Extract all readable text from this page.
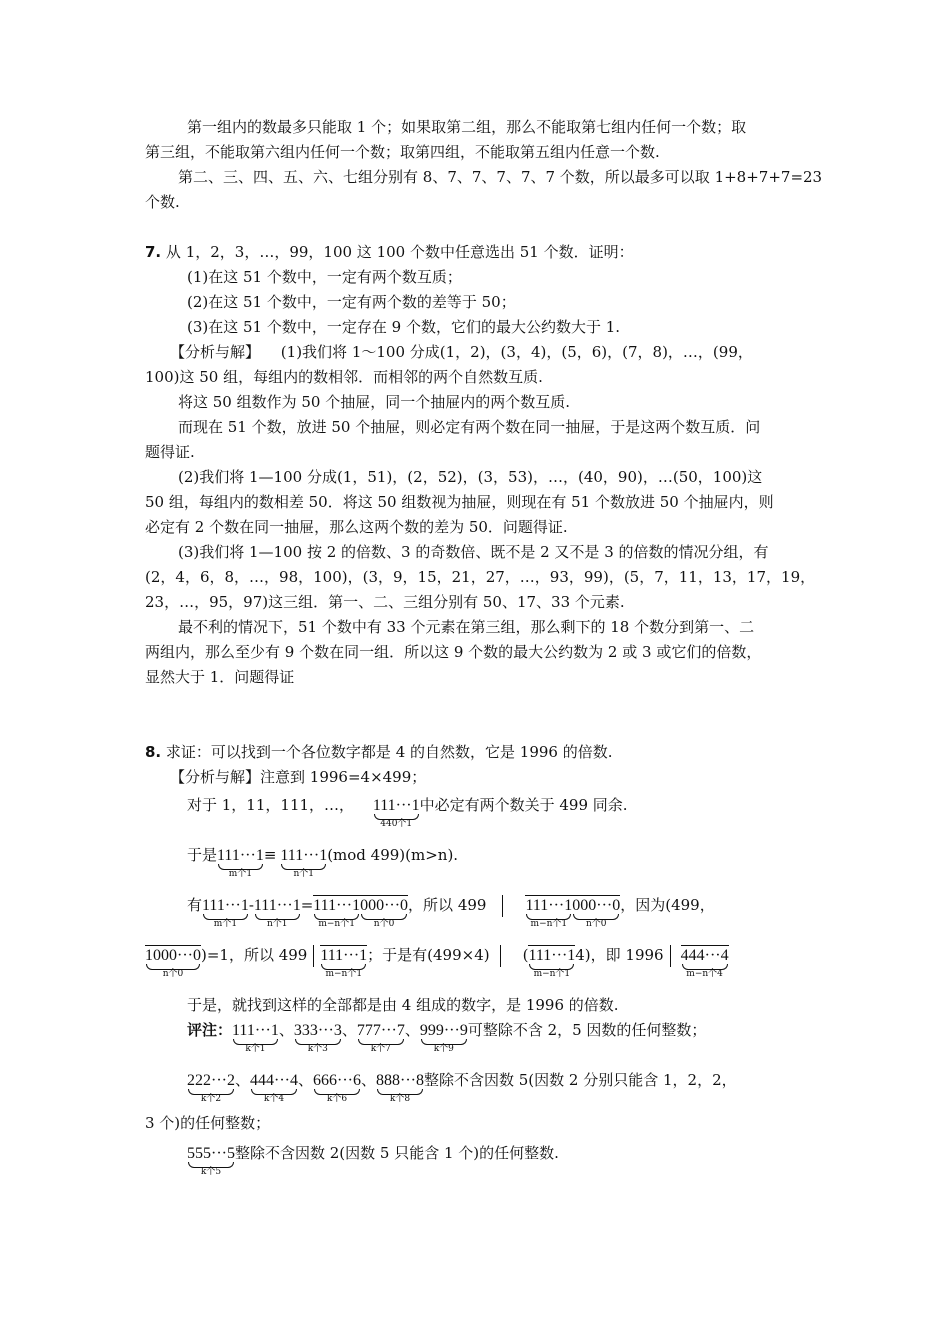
第一组内的数最多只能取 1 个；如果取第二组，那么不能取第七组内任何一个数；取
第三组，不能取第六组内任何一个数；取第四组，不能取第五组内任意一个数.
第二、三、四、五、六、七组分别有 8、7、7、7、7、7 个数，所以最多可以取 1+8+7+7=23
个数.
7. 从 1，2，3，…，99，100 这 100 个数中任意选出 51 个数．证明：
(1)在这 51 个数中，一定有两个数互质；
(2)在这 51 个数中，一定有两个数的差等于 50；
(3)在这 51 个数中，一定存在 9 个数，它们的最大公约数大于 1.
【分析与解】 (1)我们将 1～100 分成(1，2)，(3，4)，(5，6)，(7，8)，…，(99，
100)这 50 组，每组内的数相邻．而相邻的两个自然数互质.
将这 50 组数作为 50 个抽屉，同一个抽屉内的两个数互质.
而现在 51 个数，放进 50 个抽屉，则必定有两个数在同一抽屉，于是这两个数互质．问
题得证.
(2)我们将 1—100 分成(1，51)，(2，52)，(3，53)，…，(40，90)，…(50，100)这
50 组，每组内的数相差 50．将这 50 组数视为抽屉，则现在有 51 个数放进 50 个抽屉内，则
必定有 2 个数在同一抽屉，那么这两个数的差为 50．问题得证.
(3)我们将 1—100 按 2 的倍数、3 的奇数倍、既不是 2 又不是 3 的倍数的情况分组，有
(2，4，6，8，…，98，100)，(3，9，15，21，27，…，93，99)，(5，7，11，13，17，19，
23，…，95，97)这三组．第一、二、三组分别有 50、17、33 个元素.
最不利的情况下，51 个数中有 33 个元素在第三组，那么剩下的 18 个数分到第一、二
两组内，那么至少有 9 个数在同一组．所以这 9 个数的最大公约数为 2 或 3 或它们的倍数，
显然大于 1．问题得证
8. 求证：可以找到一个各位数字都是 4 的自然数，它是 1996 的倍数.
【分析与解】注意到 1996=4×499；
对于 1，11，111，…， 111···1
440个1
中必定有两个数关于 499 同余.
于是111···1
m个1
≡ 111···1
n个1
(mod 499)(m>n).
有111···1
m个1
-111···1
n个1
=111···1
m−n个1
000···0
n个0
，所以 499 111···1
m−n个1
000···0
n个0
，因为(499，
1000···0
n个0
)=1，所以 499 111···1
m−n个1
；于是有(499×4) (111···1
m−n个1
4)，即 1996 444···4
m−n个4
于是，就找到这样的全部都是由 4 组成的数字，是 1996 的倍数.
评注：111···1
k个1
、333···3
k个3
、777···7
k个7
、999···9
k个9
可整除不含 2，5 因数的任何整数；
222···2
k个2
、444···4
k个4
、666···6
k个6
、888···8
k个8
整除不含因数 5(因数 2 分别只能含 1，2，2，
3 个)的任何整数；
555···5
k个5
整除不含因数 2(因数 5 只能含 1 个)的任何整数.
